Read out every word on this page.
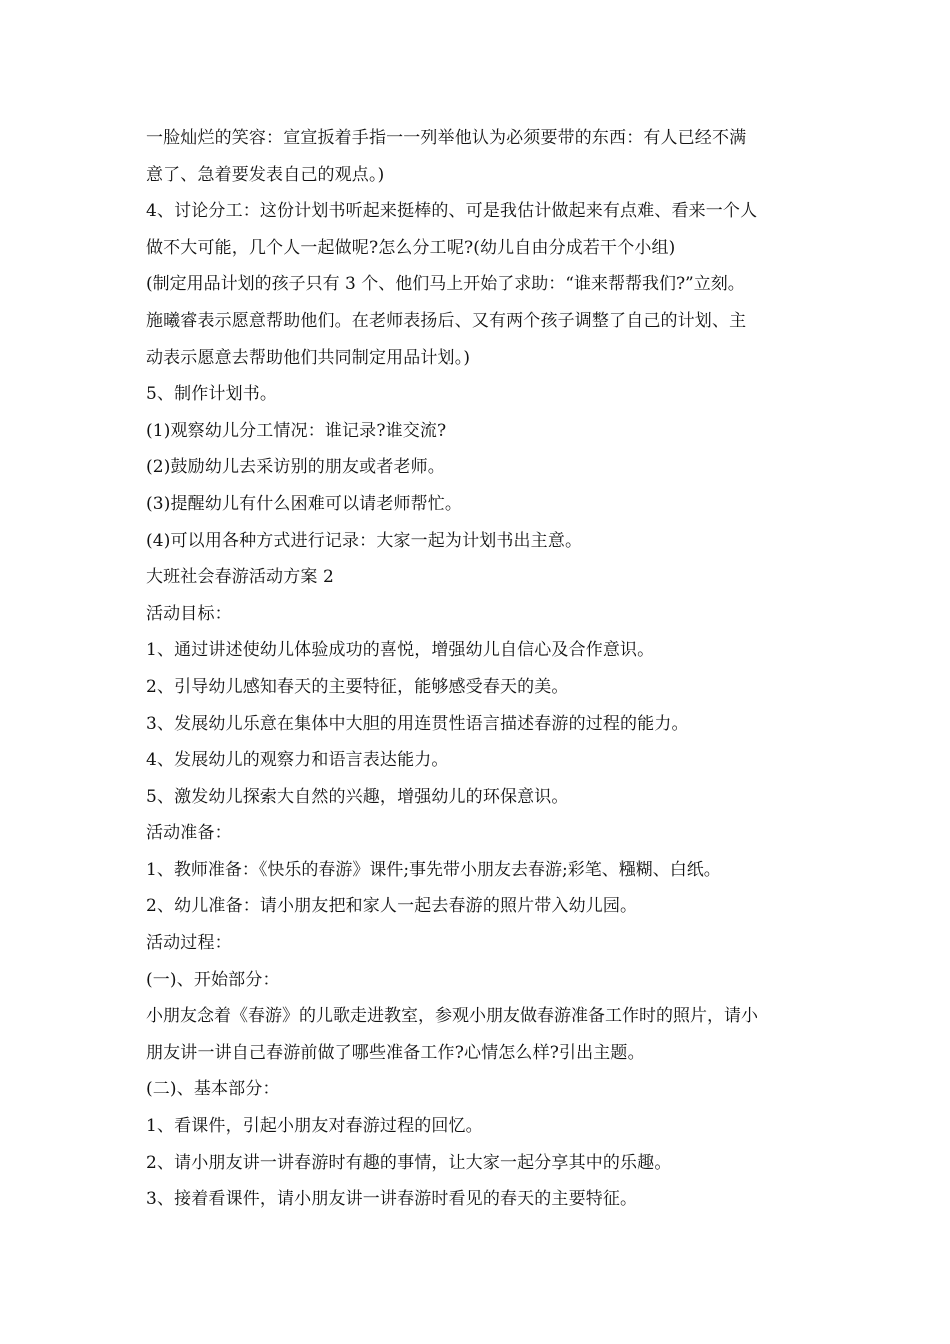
一脸灿烂的笑容：宣宣扳着手指一一列举他认为必须要带的东西：有人已经不满
意了、急着要发表自己的观点。)
4、讨论分工：这份计划书听起来挺棒的、可是我估计做起来有点难、看来一个人
做不大可能，几个人一起做呢?怎么分工呢?(幼儿自由分成若干个小组)
(制定用品计划的孩子只有 3 个、他们马上开始了求助：“谁来帮帮我们?”立刻。
施曦睿表示愿意帮助他们。在老师表扬后、又有两个孩子调整了自己的计划、主
动表示愿意去帮助他们共同制定用品计划。)
5、制作计划书。
(1)观察幼儿分工情况：谁记录?谁交流?
(2)鼓励幼儿去采访别的朋友或者老师。
(3)提醒幼儿有什么困难可以请老师帮忙。
(4)可以用各种方式进行记录：大家一起为计划书出主意。
大班社会春游活动方案 2
活动目标：
1、通过讲述使幼儿体验成功的喜悦，增强幼儿自信心及合作意识。
2、引导幼儿感知春天的主要特征，能够感受春天的美。
3、发展幼儿乐意在集体中大胆的用连贯性语言描述春游的过程的能力。
4、发展幼儿的观察力和语言表达能力。
5、激发幼儿探索大自然的兴趣，增强幼儿的环保意识。
活动准备：
1、教师准备：《快乐的春游》课件;事先带小朋友去春游;彩笔、糨糊、白纸。
2、幼儿准备：请小朋友把和家人一起去春游的照片带入幼儿园。
活动过程：
(一)、开始部分：
小朋友念着《春游》的儿歌走进教室，参观小朋友做春游准备工作时的照片，请小
朋友讲一讲自己春游前做了哪些准备工作?心情怎么样?引出主题。
(二)、基本部分：
1、看课件，引起小朋友对春游过程的回忆。
2、请小朋友讲一讲春游时有趣的事情，让大家一起分享其中的乐趣。
3、接着看课件，请小朋友讲一讲春游时看见的春天的主要特征。
